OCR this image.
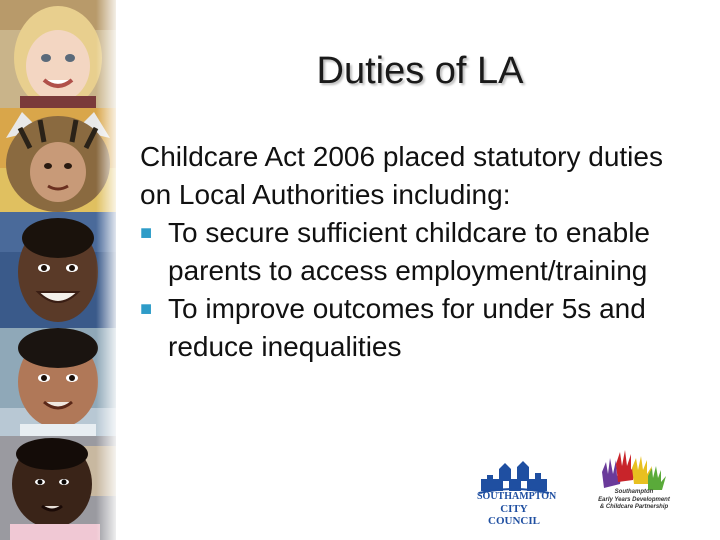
Duties of LA

Childcare Act 2006 placed statutory duties on Local Authorities including:

■ To secure sufficient childcare to enable parents to access employment/training
■ To improve outcomes for under 5s and reduce inequalities
SOUTHAMPTON
CITY COUNCIL
Southampton
Early Years Development
& Childcare Partnership
